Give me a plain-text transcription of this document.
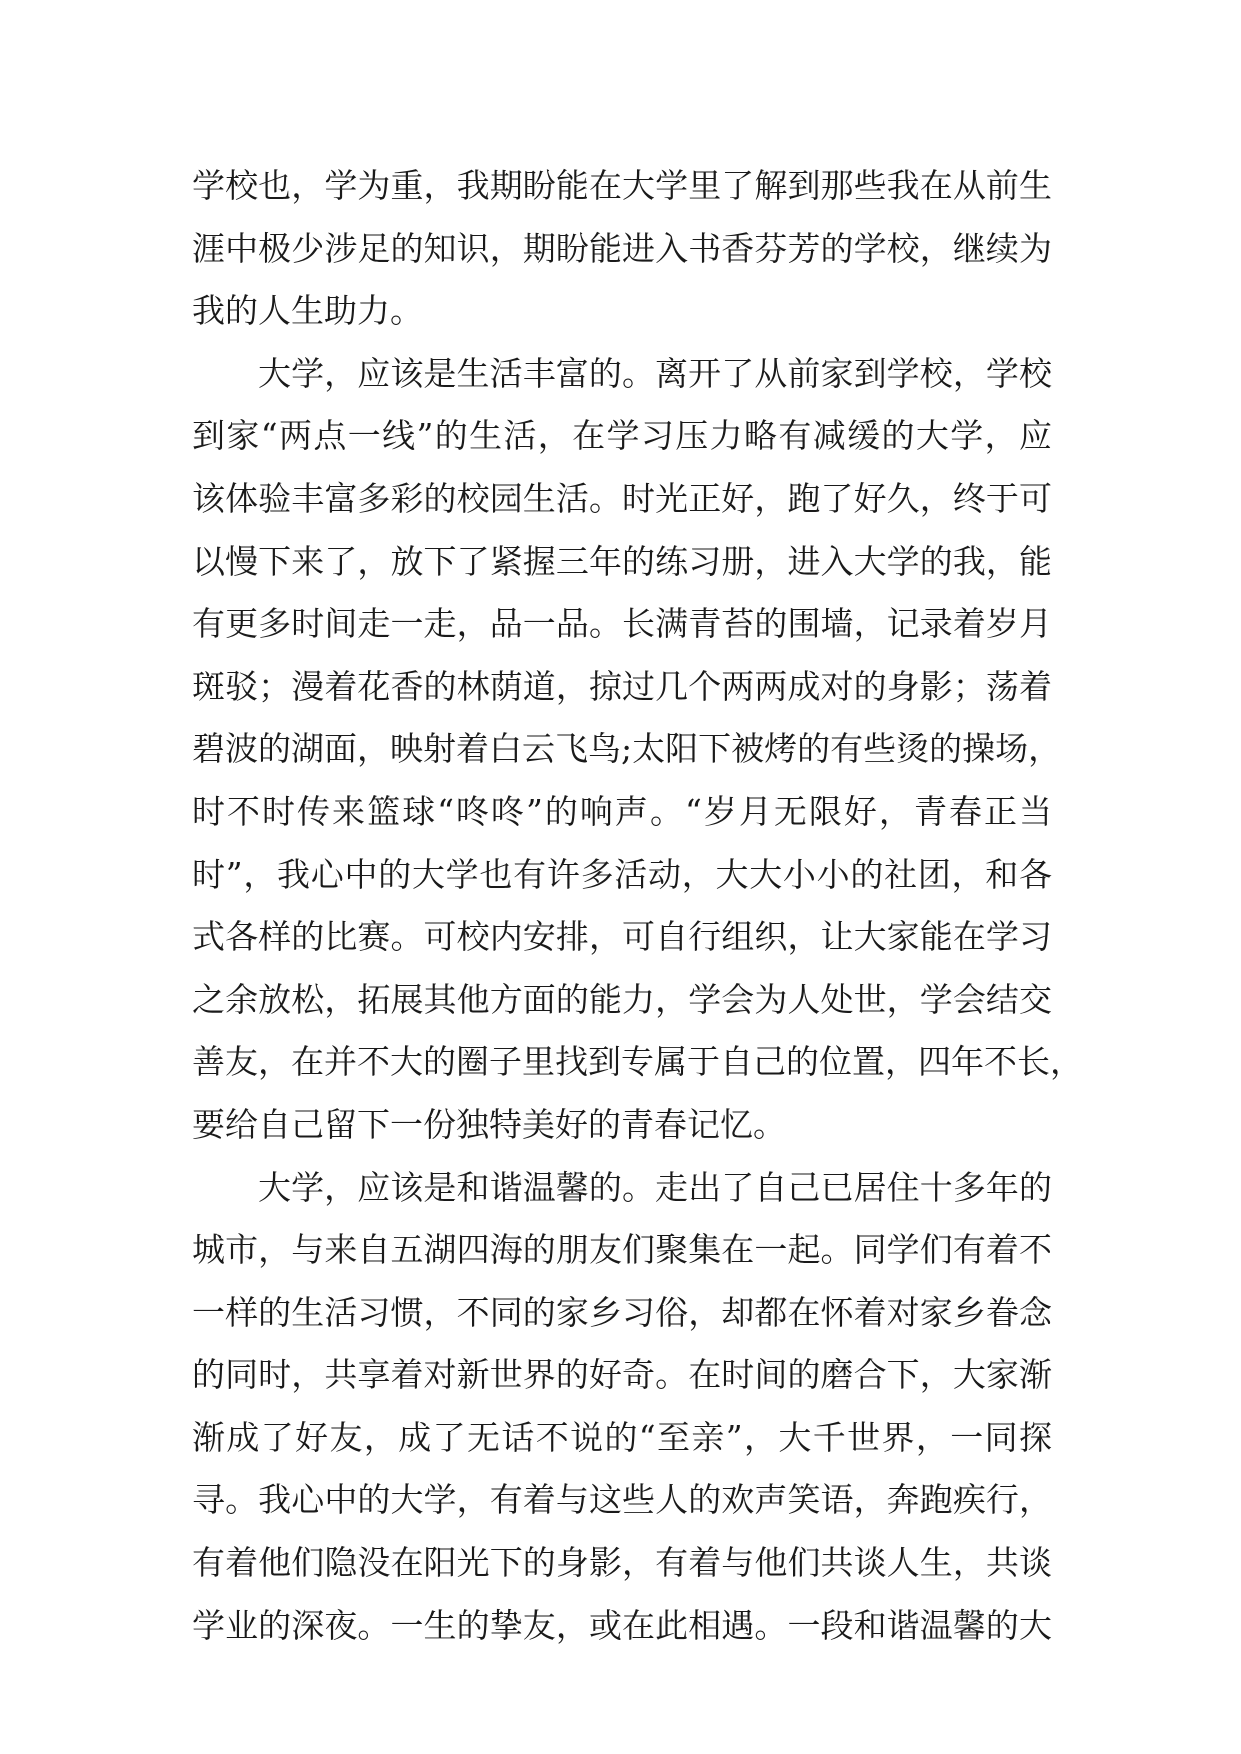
学校也，学为重，我期盼能在大学里了解到那些我在从前生
涯中极少涉足的知识，期盼能进入书香芬芳的学校，继续为
我的人生助力。
大学，应该是生活丰富的。离开了从前家到学校，学校
到家“两点一线”的生活，在学习压力略有减缓的大学，应
该体验丰富多彩的校园生活。时光正好，跑了好久，终于可
以慢下来了，放下了紧握三年的练习册，进入大学的我，能
有更多时间走一走，品一品。长满青苔的围墙，记录着岁月
斑驳；漫着花香的林荫道，掠过几个两两成对的身影；荡着
碧波的湖面，映射着白云飞鸟;太阳下被烤的有些烫的操场，
时不时传来篮球“咚咚”的响声。“岁月无限好，青春正当
时”，我心中的大学也有许多活动，大大小小的社团，和各
式各样的比赛。可校内安排，可自行组织，让大家能在学习
之余放松，拓展其他方面的能力，学会为人处世，学会结交
善友，在并不大的圈子里找到专属于自己的位置，四年不长，
要给自己留下一份独特美好的青春记忆。
大学，应该是和谐温馨的。走出了自己已居住十多年的
城市，与来自五湖四海的朋友们聚集在一起。同学们有着不
一样的生活习惯，不同的家乡习俗，却都在怀着对家乡眷念
的同时，共享着对新世界的好奇。在时间的磨合下，大家渐
渐成了好友，成了无话不说的“至亲”，大千世界，一同探
寻。我心中的大学，有着与这些人的欢声笑语，奔跑疾行，
有着他们隐没在阳光下的身影，有着与他们共谈人生，共谈
学业的深夜。一生的挚友，或在此相遇。一段和谐温馨的大
